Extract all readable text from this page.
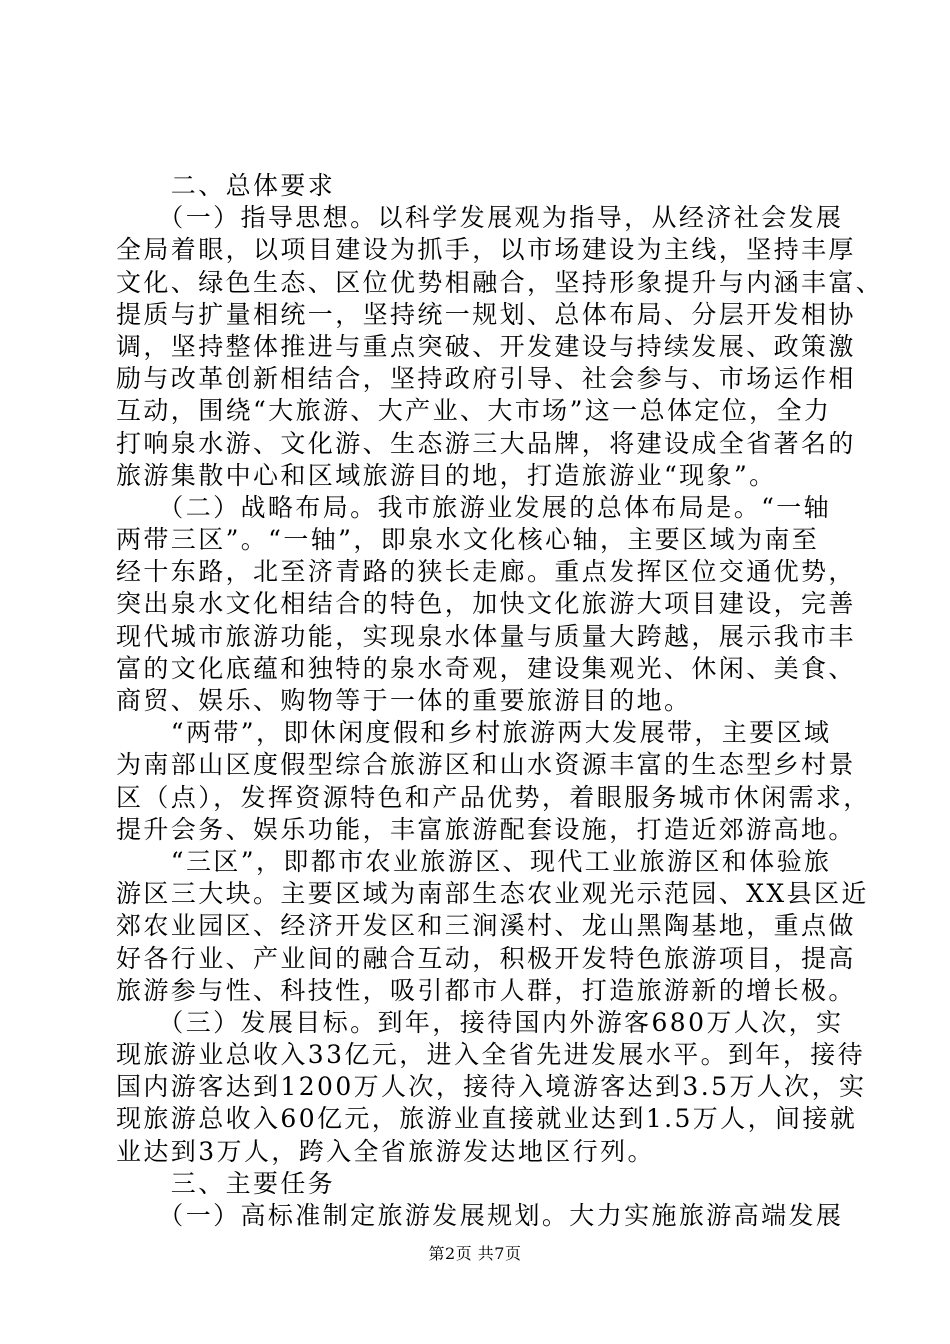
　　二、总体要求
　　（一）指导思想。以科学发展观为指导，从经济社会发展
全局着眼，以项目建设为抓手，以市场建设为主线，坚持丰厚
文化、绿色生态、区位优势相融合，坚持形象提升与内涵丰富、
提质与扩量相统一，坚持统一规划、总体布局、分层开发相协
调，坚持整体推进与重点突破、开发建设与持续发展、政策激
励与改革创新相结合，坚持政府引导、社会参与、市场运作相
互动，围绕“大旅游、大产业、大市场”这一总体定位，全力
打响泉水游、文化游、生态游三大品牌，将建设成全省著名的
旅游集散中心和区域旅游目的地，打造旅游业“现象”。
　　（二）战略布局。我市旅游业发展的总体布局是。“一轴
两带三区”。“一轴”，即泉水文化核心轴，主要区域为南至
经十东路，北至济青路的狭长走廊。重点发挥区位交通优势，
突出泉水文化相结合的特色，加快文化旅游大项目建设，完善
现代城市旅游功能，实现泉水体量与质量大跨越，展示我市丰
富的文化底蕴和独特的泉水奇观，建设集观光、休闲、美食、
商贸、娱乐、购物等于一体的重要旅游目的地。
　　“两带”，即休闲度假和乡村旅游两大发展带，主要区域
为南部山区度假型综合旅游区和山水资源丰富的生态型乡村景
区（点），发挥资源特色和产品优势，着眼服务城市休闲需求，
提升会务、娱乐功能，丰富旅游配套设施，打造近郊游高地。
　　“三区”，即都市农业旅游区、现代工业旅游区和体验旅
游区三大块。主要区域为南部生态农业观光示范园、XX县区近
郊农业园区、经济开发区和三涧溪村、龙山黑陶基地，重点做
好各行业、产业间的融合互动，积极开发特色旅游项目，提高
旅游参与性、科技性，吸引都市人群，打造旅游新的增长极。
　　（三）发展目标。到年，接待国内外游客680万人次，实
现旅游业总收入33亿元，进入全省先进发展水平。到年，接待
国内游客达到1200万人次，接待入境游客达到3.5万人次，实
现旅游总收入60亿元，旅游业直接就业达到1.5万人，间接就
业达到3万人，跨入全省旅游发达地区行列。
　　三、主要任务
　　（一）高标准制定旅游发展规划。大力实施旅游高端发展
第2页 共7页
